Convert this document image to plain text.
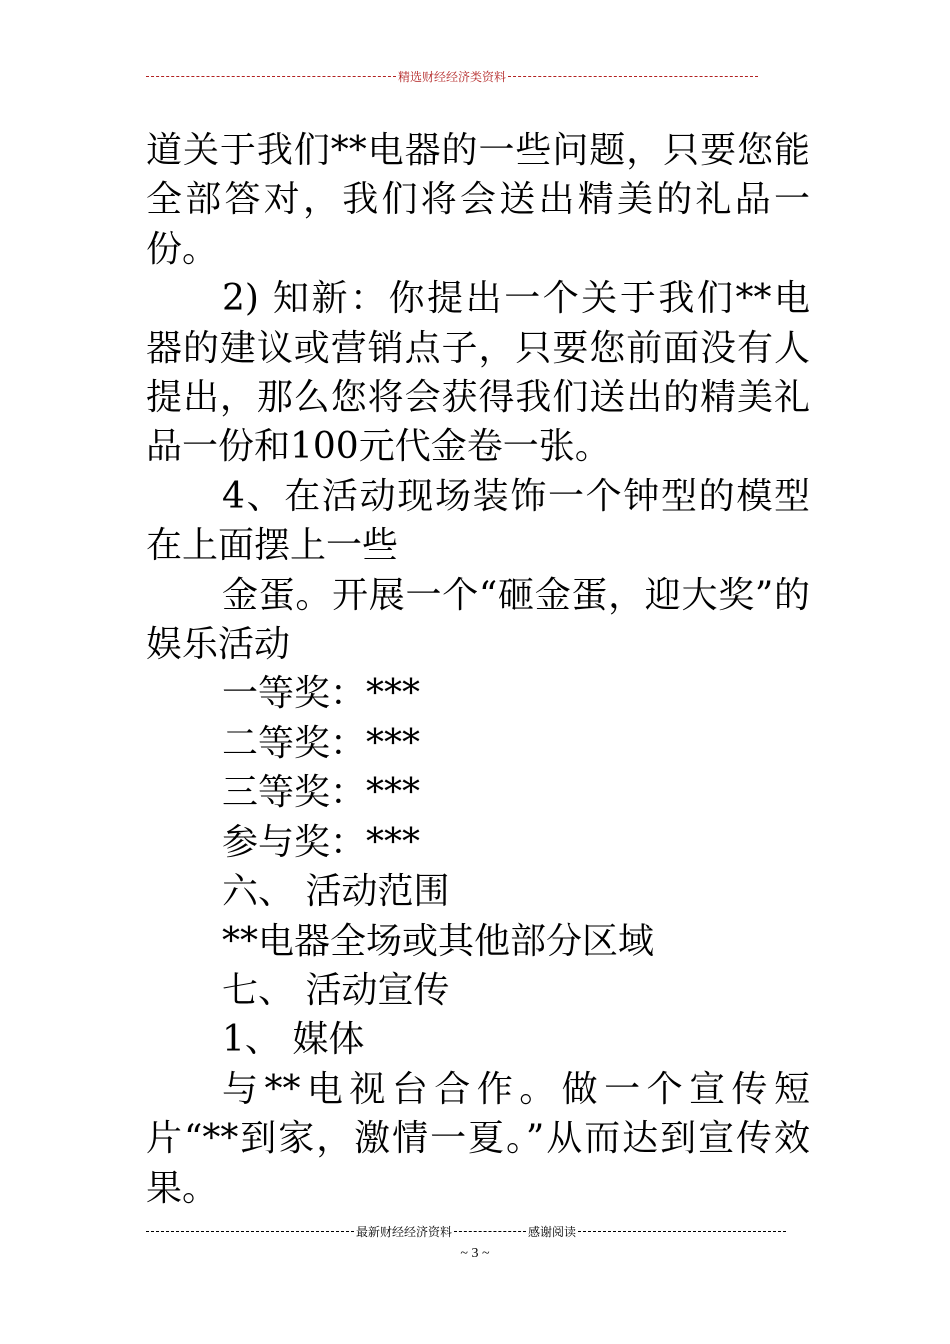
精选财经经济类资料

道关于我们**电器的一些问题，只要您能全部答对，我们将会送出精美的礼品一份。

2) 知新：你提出一个关于我们**电器的建议或营销点子，只要您前面没有人提出，那么您将会获得我们送出的精美礼品一份和100元代金卷一张。

4、在活动现场装饰一个钟型的模型在上面摆上一些

金蛋。开展一个“砸金蛋，迎大奖”的娱乐活动

一等奖：***

二等奖：***

三等奖：***

参与奖：***

六、 活动范围

**电器全场或其他部分区域

七、 活动宣传

1、 媒体

与**电视台合作。做一个宣传短片“**到家，激情一夏。”从而达到宣传效果。

最新财经经济资料	感谢阅读
~ 3 ~
